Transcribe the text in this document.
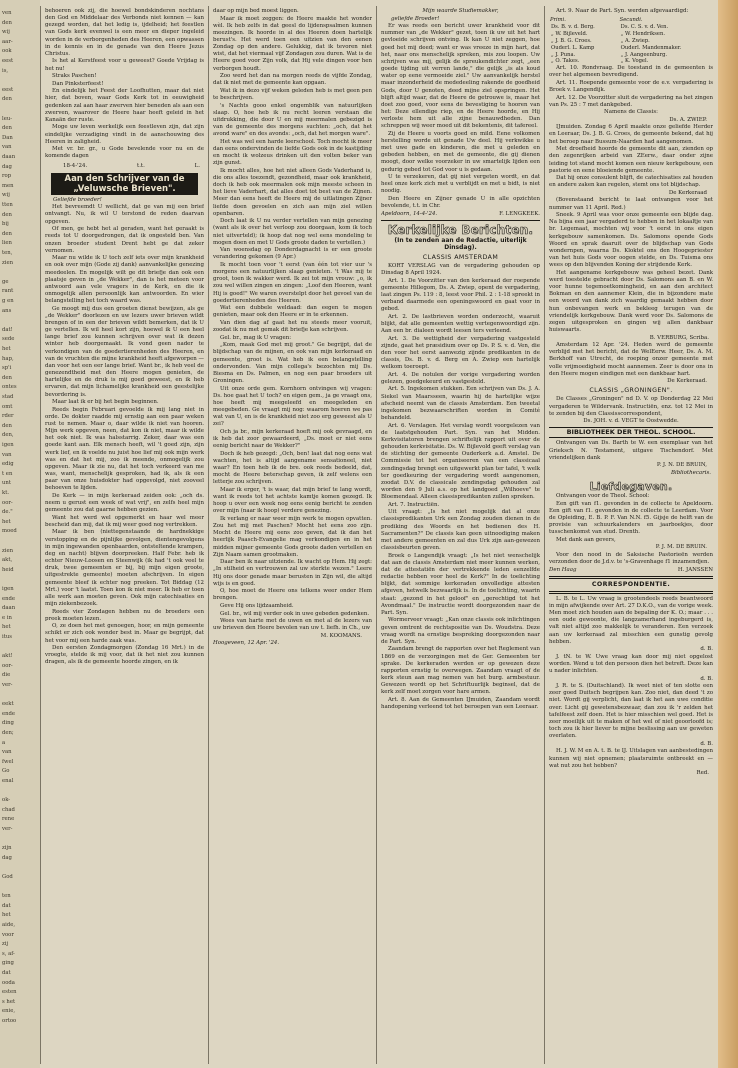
ven
den
wij
aar-
ook
eest
is,
eest
den
leu-
den
Dan
van
daan
dag
rop
men
wij
tten
den
bij
den
lien
ten,
zien
ge
rant
g en
ans
dat!
sede
het
hap,
sp'i
den
ontes
stad
omt
rder
den
den,
igen
van
edig
t en
unt
kt.
oor-
de."
het
moed
zien
akt,
heid
igen
ende
daan
e in
het
itus
akt!
oor-
die
ver-
eekt
ende
ding
den;
a
van
fwel
Go
enal
ok-
chad
rene
ver-
zijn
dag
God
ten
dat
het
aide,
voor
zij
s, af-
ging
dat
ooda
esten
s het
enie,
ortoo

behoeren ook zij, die hoewel bondskinderen nochtans den God en Middelaar des Verbonds niet kennen — kan gezegd worden, dat het ledig is, ijdelheid; het feestlen van Gods kerk evenwel is een meer en dieper ingeleid worden in de verborgenheden des Heeren, een opwassen in de kennis en in de genade van den Heere Jezus Christus.

Is het al Kerstfeest voor u geweest? Goede Vrijdag is het nu!

Straks Paschen!

Dan Pinksterfeest!

En eindelijk het Feest der Loofhutten, maar dat niet hier, dat boven, waar Gods Kerk tot in eeuwigheid gedenken zal aan haar zwerven hier beneden als aan een zwerven, waarover de Heere haar heeft geleid in het Kanaän der ruste.

Moge uw leven werkelijk een feestleven zijn, dat zijn eindelijke verzadiging vindt in de aanschouwing des Heeren in zaligheid.

Met vr. br. gr., u Gode bevelende voor nu en de komende dagen

18-4-'24.	t.t.	L.

Aan den Schrijver van de „Veluwsche Brieven".

Geliefde broeder!

Het bevreemdt U wellicht, dat ge van mij een brief ontvangt. Nu, ik wil U terstond de reden daarvan opgeven.

Of men, ge hebt het al geraden, want het geraakt is reeds tot U doorgedrongen, dat ik ongesteld ben. Van onzen broeder student Drent hebt ge dat zeker vernomen.

Maar nu wilde ik U toch zelf iets over mijn krankheid en ook over mijn (Gode zij dank) aanvankelijke genezing meedeelen. En mogelijk wilt ge dit briefje dan ook een plaatsje geven in „de Wekker", dan is het meteen voor antwoord aan vele vragers in de Kerk, en die ik onmogelijk allen persoonlijk kan antwoorden. En wier belangstelling het toch waard was.

Ge moogt mij dus een groeten dienst bewijzen, als ge „de Wekker" doorlezen en uw lezers uwer brieven wildt brengen of in een der brieven wildt bemerken, dat ik U ge vertellen. Ik wil heel kort zijn, hoewel ik U een heel lange brief zou kunnen schrijven over wat ik dezen winter heb doorgemaakt. Ik vond geen nader te verkondigen van de goedertierenheden des Heeren, en van de vruchten die mijne krankheid heeft afgeworpen — dan voor het een eer lange brief. Want br., ik heb veel de genezendtheid met den Heere mogen genieten, de hartelijke en de druk is mij goed geweest, en ik heb ervaren, dat mijn lichamelijke krankheid een geestelijke bevordering is.

Maar laat ik er bij het begin beginnen.

Reeds begin Februari gevoelde ik mij lang niet in orde. De dokter raadde mij ernstig aan een paar weken rust te nemen. Maar o, daar wilde ik niet van hooren. Mijn werk opgeven, neen, dat kon ik niet, maar ik wilde het ook niet. Ik was halsstarrig. Zeker, daar was een goede kant aan. Elk mensch heeft, wil 't goed zijn, zijn werk lief, en ik voelde nu juist hoe lief mij ook mijn werk was en dat het mij, zoo ik meende, onmogelijk zou opgeven. Maar ik zie nu, dat het toch verkeerd van me was, want, menschelijk gesproken, had ik, als ik een paar van onze huisdokter had opgevolgd, niet zooveel behoeven te lijden.

De Kerk — in mijn kerkeraad zeiden ook: „och ds. neem u gerust een week of wat vrij", en zelfs heel mijn gemeente zou dat gaarne hebben gezien.

Want het werd wel opgemerkt en haar wel meer bescheid dan mij, dat ik mij weer goed nog vertrekken.

Maar ik ben (niettegenstaande de hardnekkige verstopping en de pijnlijke gevolgen, dientengevolgens in mijn ingewanden openbaarden, ontsteltende krampen, deg en nacht) blijven doorpreeken. Half Febr. heb ik echter Nieuw-Loosen en Steenwijk (ik had 't ook veel te druk, twee gemeenten er bij, bij mijn eigen groote, uitgestrekte gemeente) moeten afschrijven. In eigen gemeente bleef ik echter nog preeken. Tot Biddag (12 Mrt.) voor 't laatst. Toen kon ik niet meer. Ik heb er toen alle werk aan moeten geven. Ook mijn catechisaties en mijn ziekenbezoek.

Reeds vier Zondagen hebben nu de broeders een preek moeten lezen.

O, ze doen het met genoegen, hoor, en mijn gemeente schikt er zich ook wonder best in. Maar ge begrijpt, dat het voor mij een harde zaak was.

Den eersten Zondagmorgen (Zondag 16 Mrt.) in de vroegte, stelde ik mij voor, dat ik het niet zou kunnen dragen, als ik de gemeente hoorde zingen, en ik

daar op mijn bed moest liggen.

Maar ik moet zeggen: de Heere maakte het wonder wèl. Ik heb zelfs in dat geesl do lijdenspsalmen kunnen meezingen. Ik hoorde in al des Heeren doen hartelijk berust's. Het werd toen een uitzien van den eenen Zondag op den andere. Gelukkig, dat ik tevoren niet wist, dat het viermaal vijf Zondagen zou duren. Wat is de Heere goed voor Zijn volk, dat Hij vele dingen voor hen verborgen houdt.

Zoo werd het dan na morgen reeds de vijfde Zondag, dat ik niet met de gemeente kan opgaan.

Wat ik in dezo vijf weken geleden heb is met geen pen te beschrijven.

's Nachts gooo enkel ongemblik van natuurlijken slaap. O, hoe heb ik nu recht leeren verstaan die uitdrukking, die door U en mij meermalen gebezigd is van de gemeente des morgens suchten: „och, dat het avond ware" en des avonds: „och, dat het morgen ware".

Het was wel een harde leerschool. Toch mocht ik meer dan eens ondervinden de liefde Gods ook in de kastijding en mocht ik wolzeus drinken uit den volten beker van zijn gunst.

Ik mocht alles, hoe het niet alleen Gods Vaderhand is, die ons alles toezendt, gezondheid, maar ook krankheid, doch ik heb ook meermalen ook mijn meeste scheen in het lieve Vaderhart, dat alles doet tot best van de Zijnen. Meer dan eens heeft de Heere mij de uitlatingen Zijner liefde doen gevoelen en zich aan mijn ziel willen openbaren.

Doch laat ik U nu verder vertellen van mijn genezing (want als ik over het verloop zou doorgaan, kom ik toch niet uitverteld); ik hoop dat nog wel eens mondeling te mogen doen en met U Gods groote daden te vertellen.)

Van woensdag op Donderdagnacht is er een groote verandering gekomen (9 Apr.)

Ik mocht toen voor 't eerst (van één tot vier uur 's morgens een natuurlijken slaap genieten. 't Was mij te groot, toen ik wakker werd. Ik zei tot mijn vrouw: „o, ik zou wel willen zingen en zingen: „Loof den Heeren, want Hij is goed!" We waren overstelpt door het gevoel van de goedertierenheden des Heeren.

Wat een dubbele weldaad: dan eegen te mogen genieten, maar ook den Heere er in te erkennen.

Van dien dag af gaat het nu steeds meer vooruit, zoodat ik nu met gemak dit briefje kan schrijven.

Gel. br., mag ik U vragen:

„Kom, maak God met mij groot." Ge begrijpt, dat de blijdschap van de mijnen, en ook van mijn kerkeraad en gemeente, groot is. Wat heb ik een belangstelling ondervonden. Van mijn collega's bezochten mij Ds. Biesma en Ds. Palmen, en nog een paar broeders uit Groningen.

Uit onze orde gem. Kornhorn ontvingen wij vragen: Ds. hoe gaat het U toch? en eigen gem., ja ge vraagt ons, hoe heeft mij meegeleefd en meegeleden en meegebeden. Ge vraagt mij nog: waarom hoeren we pas wat van U, en is de krankheid niet zoo erg geweest als U zei?

Och ja br., mijn kerkeraad hoeft mij ook gevraagd, en ik heb dat zoor gewaardeerd, „Ds. moet er niet eens eenig bericht naar de Wekker?"

Doch ik heb gezegd: „Och, ben! laat dat nog eens wat wachten, het is altijd aangename sensationeel, niet waar? En toen heb ik de bre. ook reeds bedeeld, dat, mocht de Heere beterschap geven, ik zelf welens een letterje zou schrijven.

Maar ik erger, 't is waar, dat mijn brief te lang wordt, want ik reeds tot het achtste kamtje komen gezegd. Ik hoop u over een week nog eens eenig bericht te zenden over mijn (naar ik hoop) verdere genezing.

Ik verlang er naar weer mijn werk te mogen opvatten. Zou het mij met Paschen? Mocht het eens zoo zijn. Mocht de Heere mij eens zoo geven, dat ik dan het heerlijk Paasch-Evangelie mag verkondigen en in het midden mijner gemeente Gods groote daden vertellen en Zijn Naam samen grootmaken.

Daar ben ik naar uitziende. Ik wacht op Hem. Hij zegt: „In stilheid en vertrouwen zal uw sterkte wezen." Leere Hij ons door genade maar berusten in Zijn wil, die altijd wijs is en goed.

O, hoe moet de Heere ons telkens weer onder Hem brengen.

Geve Hij ons lijdzaamheid.

Gel. br., wil mij verder ook in uwe gebeden gedenken.

Wees van harte met de uwen en met al de lezers van uw brieven den Heere bevolen van uw t. liefh. in Ch., uw

M. KOOMANS.

Hoogeveen, 12 Apr. '24.

Mijn waarde Studiemakker,

geliefde Broeder!

Er was reeds een bericht uwer krankheid voor dit nummer van „de Wekker" gezet, toen ik uw uit het hart gevloeide schrijven ontving. Ik kan U niet zeggen, hoe goed het mij deed; want er was vreeze in mijn hart, dat het, naar ons menschelijk spreken, mis zou loopen. Uw schrijven was mij, gelijk de spreukendichter zegt, „een goede tijding uit verren lande," die gelijk „is als koud water op eene vermoeide ziel." Uw aanvankelijk herstel maar inzonderheid de mededeeling rakende de goedheid Gods, door U genoten, deed mijne ziel opspringen. Het blijft altijd waar, dat de Heere de getrouwe is, maar het doet zoo goed, voor eens de bevestiging te hooren van het: Deze ellendige riep, en de Heere hoorde, en Hij verloste hem uit alle zijne benauwdheden. Dan schreppen wij weer moed uit dit bekentenis, dit tafereel.

Zij de Heere u voorts goed en mild. Eene volkomen herstelling worde uit genade Uw deel. Hij verkwikke u met uwe gade en kinderen, die met u geleden en gebeden hebben, en met de gemeente, die gij dienen moogt, door welke voorzeker in uw smartelijk lijden een gedurig gebed tot God voor u is gedaan.

U te verzekeren, dat gij niet vergeten wordt, en dat heel onze kerk zich met u verblijdt en met u bidt, is niet noodig.

Den Heere en Zijner genade U in alle opzichten bevolende, t.t. in Chr.

Apeldoorn, 14-4-'24.	F. LENGKEEK.

Kerkelijke Berichten.
(In te zenden aan de Redactie, uiterlijk Dinsdag).
CLASSIS AMSTERDAM

KORT VERSLAG van de vergadering gehouden op Dinsdag 8 April 1924.

Art. 1. De Voorzitter van den kerkeraad der roepende gemeente Hillegom, Ds. A. Zwiep, opent de vergadering, laat zingen Ps. 119 : 8, leest voor Phil. 2 : 1-18 spreekt in verband daarmede een openingswoord en gaat voor in gebed.

Art. 2. De lastbrieven worden onderzocht, waaruit blijkt, dat alle gemeenten wettig vertegenwoordigd zijn. Aan een br. dialeen wordt leesen ters verleend.

Art. 3. De wettigheid der vergadering vastgesteld zijnde, gaat het præsidium over op Ds. P. S. v. d. Ven, die den voor het eerst aanwezig zijnde predikanten in de classis, Ds. B. v. d. Berg en A. Zwiep een hartelijk welkom toeroept.

Art. 4. De notulen der vorige vergadering worden gelezen, goedgekeurd en vastgesteld.

Art. 5. Ingekomen stukken. Een schrijven van Ds. J. A. Siekel van Maarsseen, waarin hij de hartelijke wijze afscheid neemt van de classis Amsterdam. Een tweetal ingekomen bezwaarschriften worden in Comité behandeld.

Art. 6. Verslagen. Het verslag wordt voorgelezen van de laatstgehouden Part. Syn. van het Midden. Kerkvisitatoren brengen schriftelijk rapport uit over de gehouden kerkvisitatie. Ds. W. Bijlevold geeft verslag van de stichting der gemeente Ouderkerk a.d. Amstel. De Commissie tot het organiseeren van een classicaal zendingsdag brengt een uitgewerkt plan ter tafel, 't welk ter goedkeuring der vergadering wordt aangenomen, zoodat D.V. de classicale zendingsdag gehouden zal worden den 9 Juli a.s. op het landgoed „Wilhoeve" te Bloemendaal. Alleen classispredikanten zullen spreken.

Art. 7. Instructiën.

Uit vraagt: „Is het niet mogelijk dat al onze classispredikanten Urk een Zondag zouden dienen in de prediking des Woords en het bedienen des H. Sacramenten?" De classis kan geen uitnoodiging maken met andere gemeenten en zal dus Urk zijn aan-gewezen classisbeurten geven.

Broek o Langendijk vraagt: „Is het niet wenschelijk dat aan de classis Amsterdam niet meer kunnen werken, dat de attestatiën der vertrekkende leden eenzelfde redactie hebben voor heel de Kerk?" In de toelichting blijkt, dat sommige kerkeraden onvolledige attesten afgeven, hetwelk bezwaarlijk is. In de toelichting, waarin staat: „gezond in het geloof" en „gerechtigd tot het Avondmaal." De instructie wordt doorgezonden naar de Part. Syn.

Wormerveer vraagt: „Kan onze classis ook inlichtingen geven omtrent de rechtspositie van Ds. Woudstra. Deze vraag wordt na ernstige bespreking doorgezonden naar de Part. Syn.

Zaandam brengt de rapporten over het Reglement van 1869 en de verzorgingen met de Ger. Gemeenten ter sprake. De kerkeraden werden er op gewezen deze rapporten ernstig te overwegen. Zaandam vraagt of de kerk steun aan mag nemen van het burg. armbestuur. Gewezen wordt op het Schriftuurlijk beginsel, dat de kerk zelf moet zorgen voor hare armen.

Art. 8. Aan de Gemeenten IJmuiden, Zaandam wordt handopening verleend tot het beroepen van een Leeraar.

Art. 9. Naar de Part. Syn. werden afgevaardigd:

Primi.	Secundi.
Ds. B. v. d. Berg.	Ds. C. S. v. d. Ven.
„ W. Bijleveld.	„ W. Hendriksen.
„ J. B. G. Croes.	„ A. Zwiep.
Ouderl. L. Kamp	Ouderl. Mandenmaker.
„ J. Puna.	„ J. Aangeenburg.
„ O. Takes.	„ K. Vogel.

Art. 10. Rondvraag. De toestand in de gemeenten is over het algemeen bevredigend.

Art. 11. Roepende gemeente voor de e.v. vergadering is Broek v. Langendijk.

Art. 12. De Voorzitter sluit de vergadering na het zingen van Ps. 25 : 7 met dankgebed.

Namens de Classis:

Ds. A. ZWIEP.

IJmuiden. Zondag 6 April maakte onze geliefde Herder en Leeraar, Ds. J. B. G. Croes, de gemeente bekend, dat hij het beroep naar Bussum-Naarden had aangenomen.

Met droefheid hoorde de gemeente dit aan, zienden op den zegenrijken arbeid van ZEerw., daar onder zijne leiding tot stand mocht komen een nieuw kerkgebouw, een pastorie en eene bloeiende gemeente.

Dat hij onze consulent blijft, de catechisaties zal houden en andere zaken kan regelen, stemt ons tot blijdschap.

De Kerkeraad

(Bovenstaand bericht te laat ontvangen voor het nummer van 11 April. Red.)

Sneek. 9 April was voor onze gemeente een blijde dag. Na bijna een jaar vergaderd te hebben in het lokaaltje van br. Legemaat, mochten wij voor 't eerst in ons eigen kerkgebouw samenkomen. Ds. Salomons opende Gods Woord en sprak daaruit over de blijdschap van Gods wondernpen, waarna Ds. Kloktel ons den Hoogepriester van het huis Gods voor oogen stelde, en Ds. Tuisma ons wees op den blijvenden Koning der strijdende Kerk.

Het aangename kerkgebouw was geheel bezet. Dank werd toestelde gebracht door Ds. Salomons aan B. en W. voor hunne tegemoetkomingheid, en aan den architect Bokman en den aannemer Klein, die in bijzondere mate een woord van dank zich waardig gemaakt hebben door hun onbevangen werk en bekleeg terugen van de vriendelijk kerkgebouw. Dank werd voor Ds. Salomons de zegen uitgesproken en gingen wij allen dankbaar huiswaarts.

B. VERBURG, Scriba.

Amsterdam 12 Apr. '24. Heden werd de gemeente verblijd met het bericht, dat de WelEerw. Heer, Ds. A. M. Berkhoff van Utrecht, de roeping onzer gemeente met volle vrijmoedigheid mocht aannemen. Zeer is door ons in den Heere mogen eindigen met een dankbaar hart.

De Kerkeraad.

CLASSIS „GRONINGEN".

De Classes „Groningen" nd D. V. op Donderdag 22 Mei vergaderen te Wildervank. Instructiën, enz. tot 12 Mei in te zenden bij den Classisscorrespondent,

Ds. JOH. v. d. VEGT te Oostwedde.

BIBLIOTHEEK DER THEOL. SCHOOL.

Ontvangen van Ds. Barth te W. een exemplaar van het Grieksch N. Testament, uitgave Tischendorf. Met vriendelijken dank

P. J. N. DE BRUIN,

Bibliothecaris.

Liefdegaven.

Ontvangen voor de Theol. School:

Een gift van f1. gevonden in de collecte te Apeldoorn. Een gift van f1. gevonden in de collecte te Leerdam. Voor de Opleiding, E. B. P. F. Van N.N. f5. Gijsje de helft van de provisie van schuurkalenders en jaarboekjes, door tusschenkomst van stud. Drenth.

Met dank aan gevers,

P. J. M. DE BRUIN.

Voor den nood in de Saksische Pastorieën werden verzonden door de J.d.v. te 's-Gravenhage f1 inzamendjen.

Den Haag	H. JANSSEN

CORRESPONDENTIE.

L. B. te L. Uw vraag is grootendeels reeds beantwoord in mijn afwijkende over Art. 27 D.K.O., van de vorige week. Men moet zich houden aan de bepaling der K. O.; maar . . . een oude gewoonte, die langzamerhand ingeburgerd is, valt niet altijd zoo makkelijk te veranderen. Een verzoek aan uw kerkeraad zal misschien een gunstig gevolg hebben.

d. B.

J. tN. te W. Uwe vraag kan door mij niet opgelost worden. Wend u tot den persoon dien het betreft. Deze kan u nader inlichten.

d. B.

J. R. te S. (Duitschland). Ik weet niet of ten slotte een zeer goed Duitsch begrijpen kan. Zoo niet, dan deed 't zo niet. Wordt gij verplicht, dan laat ik het aan uwe conditie over. Licht gij gewetensbezwaar, dan zou ik 'r zelden het tafelfeest zelf doen. Het is hier misschien wel goed. Het is zeer moeilijk uit te maken of het wel of niet geoorloofd is; toch zou ik hier liever te mijne beslissing aan uw geweten overlaten.

d. B.

H. J. W. M en A. t. B. te IJ. Uitslagen van aanbestedingen kunnen wij niet opnemen; plaatsruimte ontbreekt en — wat nut zou het hebben?

Red.
